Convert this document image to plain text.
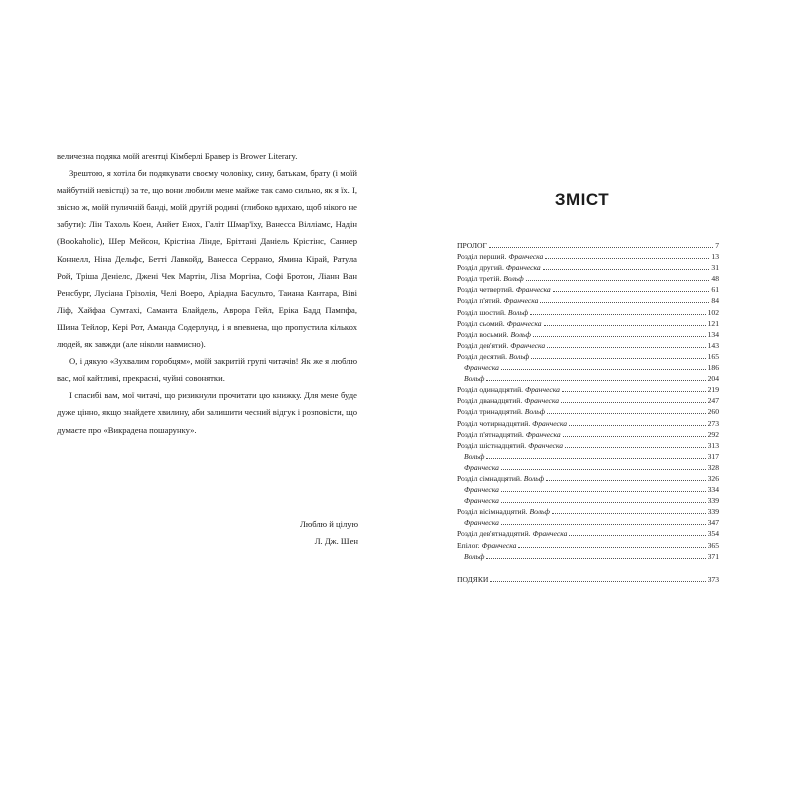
величезна подяка моїй агентці Кімберлі Бравер із Brower Literary.

Зрештою, я хотіла би подякувати своєму чоловіку, сину, батькам, брату (і моїй майбутній невістці) за те, що вони любили мене майже так само сильно, як я їх. І, звісно ж, моїй пуличній банді, моїй другій родині (глибоко вдихаю, щоб нікого не забути): Лін Тахоль Коен, Анйет Енох, Галіт Шмар'їху, Ванесса Вілліамс, Надін (Bookaholic), Шер Мейсон, Крістіна Лінде, Бріттані Даніель Крістінс, Саннер Коннелл, Ніна Дельфс, Бетті Лавкойд, Ванесса Серрано, Ямина Кірай, Ратула Рой, Тріша Деніелс, Джені Чек Мартін, Ліза Моргіна, Софі Бротон, Ліанн Ван Ренсбург, Лусіана Грізолія, Челі Воеро, Аріадна Басульто, Таиана Кантара, Віві Ліф, Хайфаа Сумтахі, Саманта Блайдель, Аврора Гейл, Еріка Бадд Пампфа, Шина Тейлор, Кері Рот, Аманда Содерлунд, і я впевнена, що пропустила кількох людей, як завжди (але ніколи навмисно).

О, і дякую «Зухвалим горобцям», моїй закритій групі читачів! Як же я люблю вас, мої кайтливі, прекрасні, чуйні совонятки.

І спасибі вам, мої читачі, що ризикнули прочитати цю книжку. Для мене буде дуже цінно, якщо знайдете хвилину, аби залишити чесний відгук і розповісти, що думаєте про «Викрадена пошарунку».

Люблю й цілую
Л. Дж. Шен
ЗМІСТ
ПРОЛОГ	7
Розділ перший. Франческа	13
Розділ другий. Франческа	31
Розділ третій. Вольф	48
Розділ четвертий. Франческа	61
Розділ п'ятий. Франческа	84
Розділ шостий. Вольф	102
Розділ сьомий. Франческа	121
Розділ восьмий. Вольф	134
Розділ дев'ятий. Франческа	143
Розділ десятий. Вольф	165
Франческа	186
Вольф	204
Розділ одинадцятий. Франческа	219
Розділ дванадцятий. Франческа	247
Розділ тринадцятий. Вольф	260
Розділ чотирнадцятий. Франческа	273
Розділ п'ятнадцятий. Франческа	292
Розділ шістнадцятий. Франческа	313
Вольф	317
Франческа	328
Розділ сімнадцятий. Вольф	326
Франческа	334
Франческа	339
Розділ вісімнадцятий. Вольф	339
Франческа	347
Розділ дев'ятнадцятий. Франческа	354
Епілог. Франческа	365
Вольф	371
ПОДЯКИ	373
